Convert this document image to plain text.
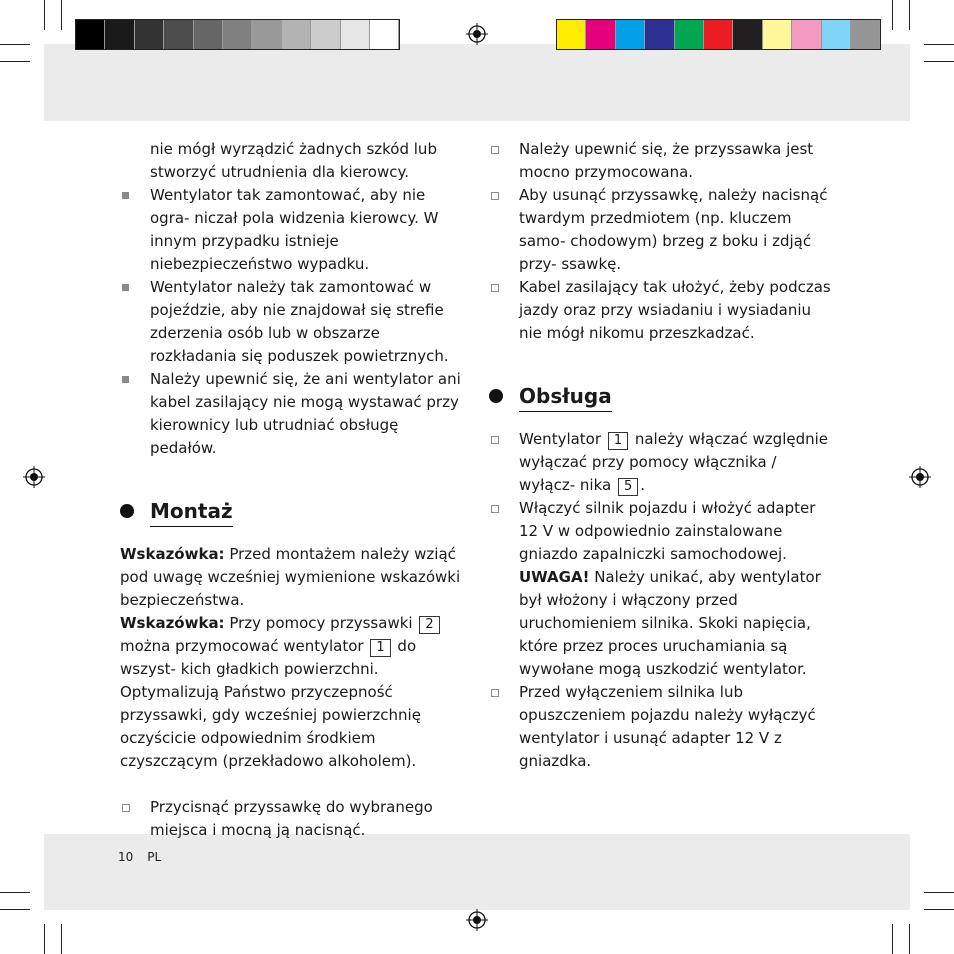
nie mógł wyrządzić żadnych szkód lub stworzyć utrudnienia dla kierowcy.

Wentylator tak zamontować, aby nie ogra- niczał pola widzenia kierowcy. W innym przypadku istnieje niebezpieczeństwo wypadku.

Wentylator należy tak zamontować w pojeździe, aby nie znajdował się strefie zderzenia osób lub w obszarze rozkładania się poduszek powietrznych.

Należy upewnić się, że ani wentylator ani kabel zasilający nie mogą wystawać przy kierownicy lub utrudniać obsługę pedałów.

Montaż

Wskazówka: Przed montażem należy wziąć pod uwagę wcześniej wymienione wskazówki bezpieczeństwa.

Wskazówka: Przy pomocy przyssawki 2 można przymocować wentylator 1 do wszyst- kich gładkich powierzchni. Optymalizują Państwo przyczepność przyssawki, gdy wcześniej powierzchnię oczyścicie odpowiednim środkiem czyszczącym (przekładowo alkoholem).

Przycisnąć przyssawkę do wybranego miejsca i mocną ją nacisnąć.

Należy upewnić się, że przyssawka jest mocno przymocowana.

Aby usunąć przyssawkę, należy nacisnąć twardym przedmiotem (np. kluczem samo- chodowym) brzeg z boku i zdjąć przy- ssawkę.

Kabel zasilający tak ułożyć, żeby podczas jazdy oraz przy wsiadaniu i wysiadaniu nie mógł nikomu przeszkadzać.

Obsługa

Wentylator 1 należy włączać względnie wyłączać przy pomocy włącznika / wyłącz- nika 5 .

Włączyć silnik pojazdu i włożyć adapter 12 V w odpowiednio zainstalowane gniazdo zapalniczki samochodowej.
UWAGA! Należy unikać, aby wentylator był włożony i włączony przed uruchomieniem silnika. Skoki napięcia, które przez proces uruchamiania są wywołane mogą uszkodzić wentylator.

Przed wyłączeniem silnika lub opuszczeniem pojazdu należy wyłączyć wentylator i usunąć adapter 12 V z gniazdka.

10 PL
